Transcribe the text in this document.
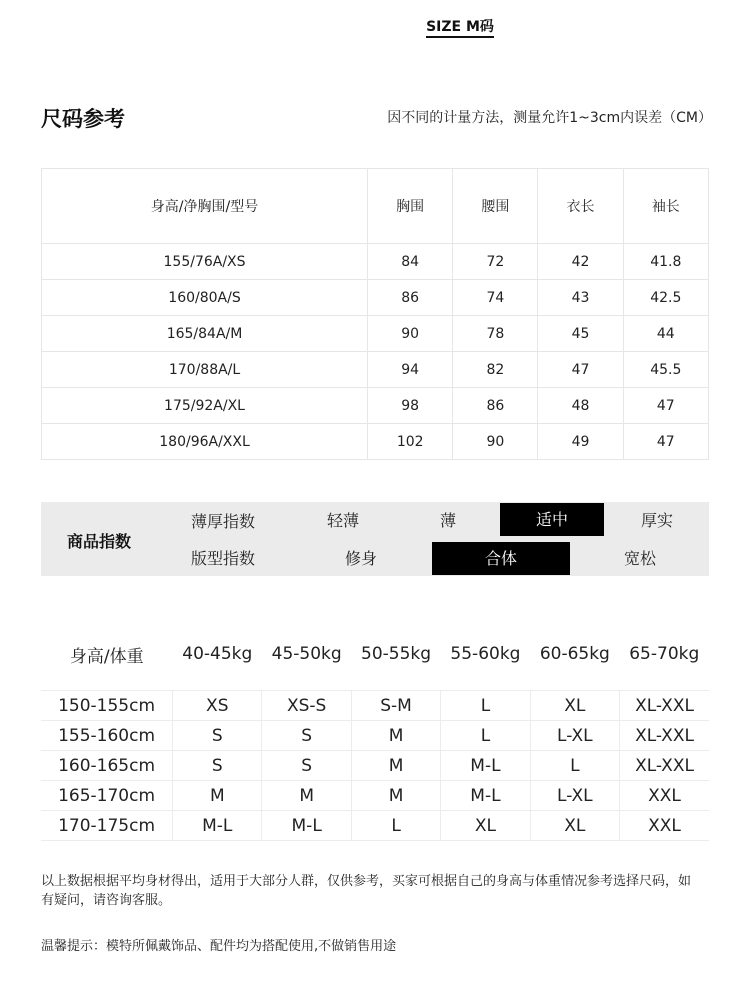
SIZE M码
尺码参考	因不同的计量方法，测量允许1~3cm内误差（CM）
身高/净胸围/型号	胸围	腰围	衣长	袖长
155/76A/XS	84	72	42	41.8
160/80A/S	86	74	43	42.5
165/84A/M	90	78	45	44
170/88A/L	94	82	47	45.5
175/92A/XL	98	86	48	47
180/96A/XXL	102	90	49	47
商品指数
薄厚指数	轻薄	薄	适中	厚实
版型指数	修身	合体	宽松
身高/体重	40-45kg	45-50kg	50-55kg	55-60kg	60-65kg	65-70kg

150-155cm	XS	XS-S	S-M	L	XL	XL-XXL
155-160cm	S	S	M	L	L-XL	XL-XXL
160-165cm	S	S	M	M-L	L	XL-XXL
165-170cm	M	M	M	M-L	L-XL	XXL
170-175cm	M-L	M-L	L	XL	XL	XXL
以上数据根据平均身材得出，适用于大部分人群，仅供参考，买家可根据自己的身高与体重情况参考选择尺码，如有疑问，请咨询客服。
温馨提示：模特所佩戴饰品、配件均为搭配使用,不做销售用途
